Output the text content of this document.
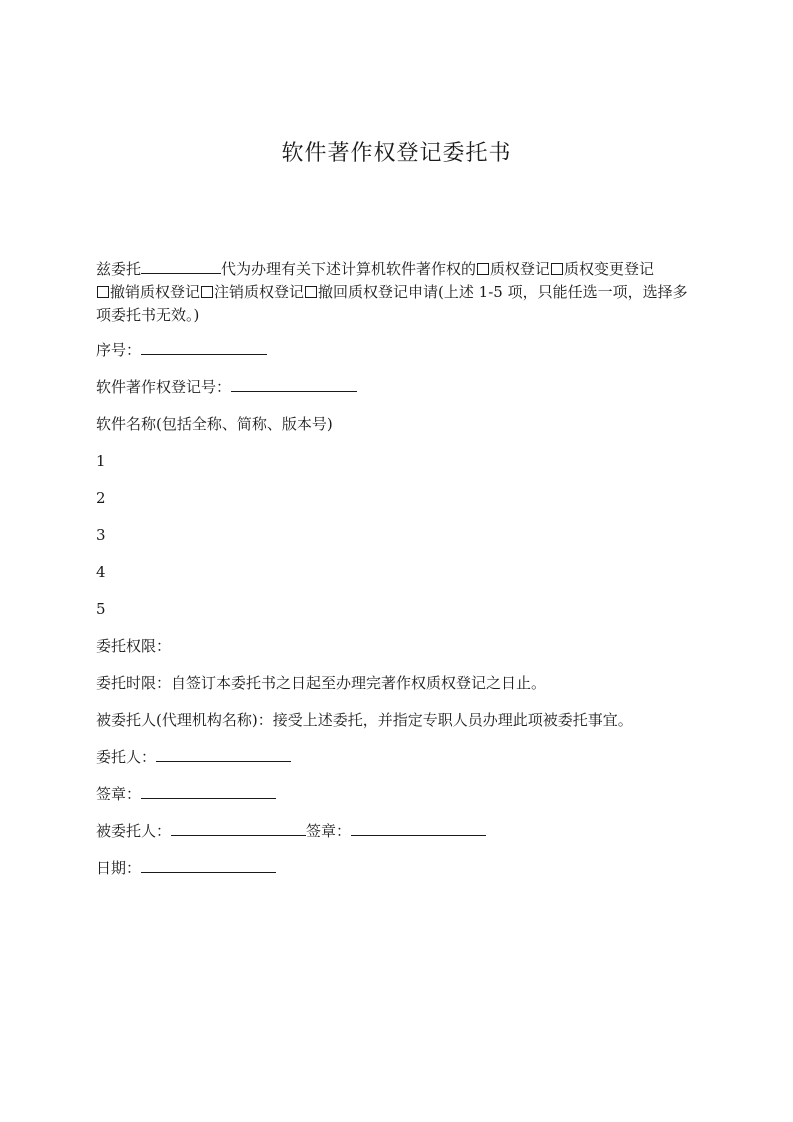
软件著作权登记委托书

兹委托	代为办理有关下述计算机软件著作权的 质权登记 质权变更登记
撤销质权登记 注销质权登记 撤回质权登记申请(上述 1-5 项，只能任选一项，选择多项委托书无效。)

序号：

软件著作权登记号：

软件名称(包括全称、简称、版本号)

1

2

3

4

5

委托权限：

委托时限：自签订本委托书之日起至办理完著作权质权登记之日止。

被委托人(代理机构名称)：接受上述委托，并指定专职人员办理此项被委托事宜。

委托人：

签章：

被委托人：	签章：

日期：
